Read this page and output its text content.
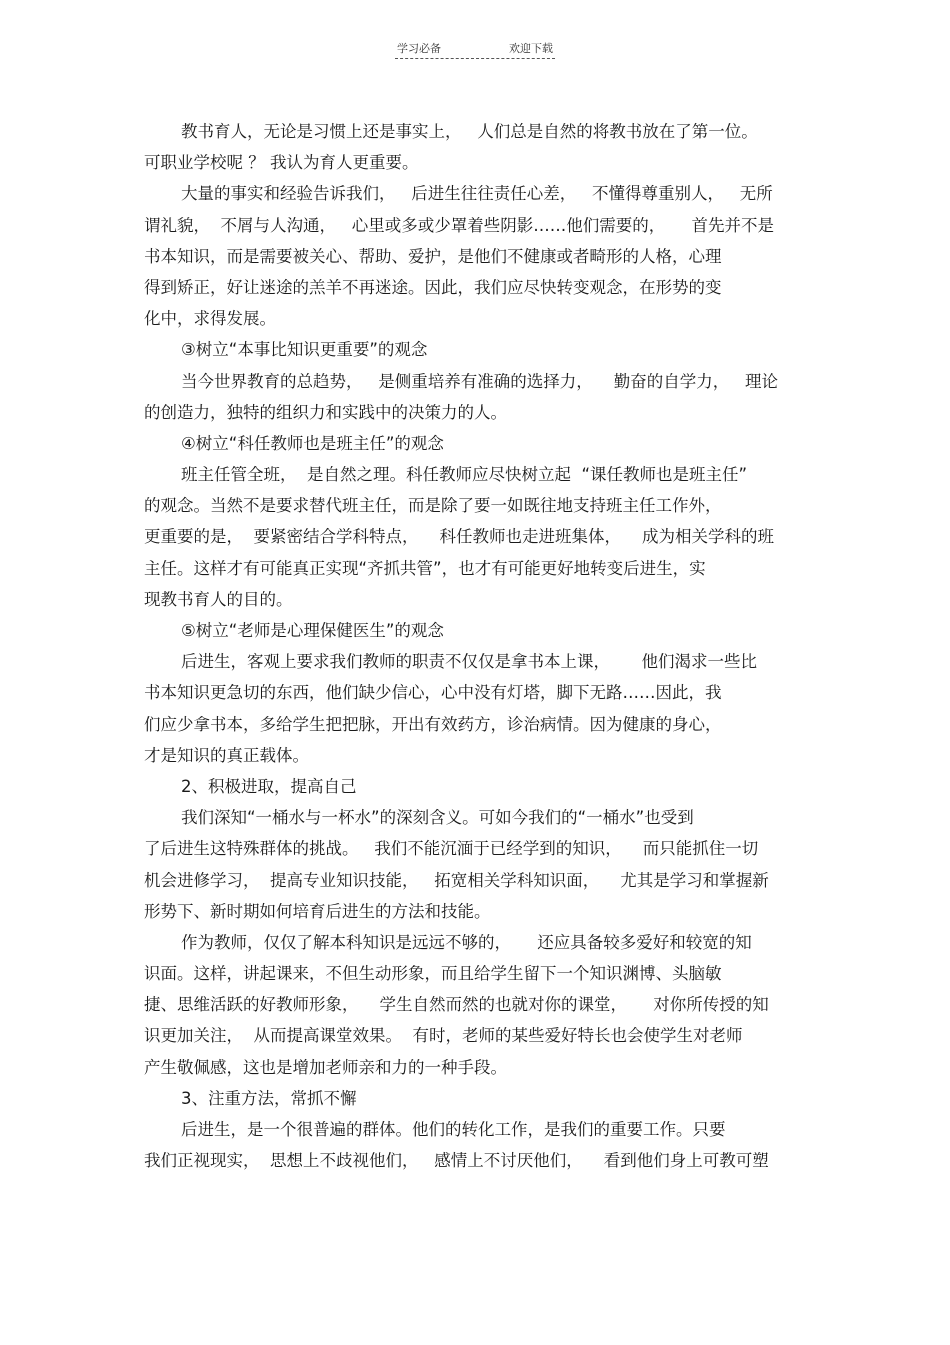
学习必备	欢迎下载
教书育人，无论是习惯上还是事实上，   人们总是自然的将教书放在了第一位。
可职业学校呢 ？ 我认为育人更重要。
大量的事实和经验告诉我们，   后进生往往责任心差，   不懂得尊重别人，   无所
谓礼貌，  不屑与人沟通，   心里或多或少罩着些阴影……他们需要的，     首先并不是
书本知识，而是需要被关心、帮助、爱护，是他们不健康或者畸形的人格，心理
得到矫正，好让迷途的羔羊不再迷途。因此，我们应尽快转变观念，在形势的变
化中，求得发展。
③树立“本事比知识更重要”的观念
当今世界教育的总趋势，   是侧重培养有准确的选择力，    勤奋的自学力，   理论
的创造力，独特的组织力和实践中的决策力的人。
④树立“科任教师也是班主任”的观念
班主任管全班，  是自然之理。科任教师应尽快树立起  “课任教师也是班主任”
的观念。当然不是要求替代班主任，而是除了要一如既往地支持班主任工作外，
更重要的是，  要紧密结合学科特点，    科任教师也走进班集体，    成为相关学科的班
主任。这样才有可能真正实现“齐抓共管”，也才有可能更好地转变后进生，实
现教书育人的目的。
⑤树立“老师是心理保健医生”的观念
后进生，客观上要求我们教师的职责不仅仅是拿书本上课，      他们渴求一些比
书本知识更急切的东西，他们缺少信心，心中没有灯塔，脚下无路……因此，我
们应少拿书本，多给学生把把脉，开出有效药方，诊治病情。因为健康的身心，
才是知识的真正载体。
2、积极进取，提高自己
我们深知“一桶水与一杯水”的深刻含义。可如今我们的“一桶水”也受到
了后进生这特殊群体的挑战。   我们不能沉湎于已经学到的知识，    而只能抓住一切
机会进修学习，  提高专业知识技能，   拓宽相关学科知识面，    尤其是学习和掌握新
形势下、新时期如何培育后进生的方法和技能。
作为教师，仅仅了解本科知识是远远不够的，     还应具备较多爱好和较宽的知
识面。这样，讲起课来，不但生动形象，而且给学生留下一个知识渊博、头脑敏
捷、思维活跃的好教师形象，    学生自然而然的也就对你的课堂，     对你所传授的知
识更加关注，  从而提高课堂效果。  有时，老师的某些爱好特长也会使学生对老师
产生敬佩感，这也是增加老师亲和力的一种手段。
3、注重方法，常抓不懈
后进生，是一个很普遍的群体。他们的转化工作，是我们的重要工作。只要
我们正视现实，  思想上不歧视他们，   感情上不讨厌他们，    看到他们身上可教可塑
